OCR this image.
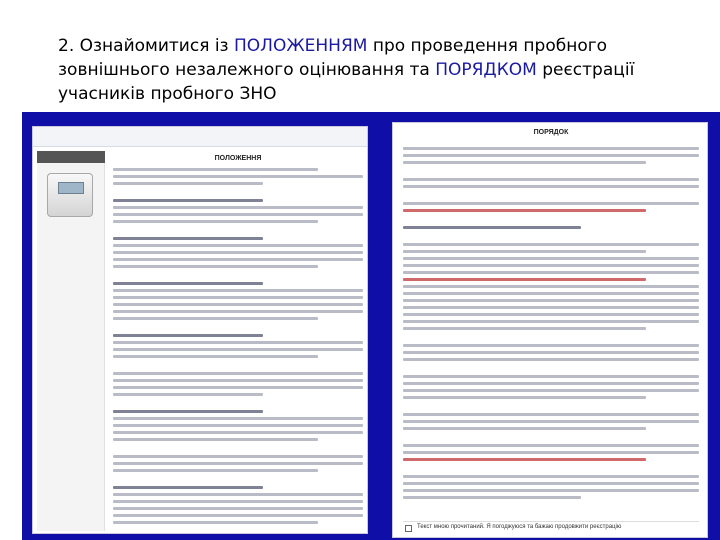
2. Ознайомитися із ПОЛОЖЕННЯМ про проведення пробного зовнішнього незалежного оцінювання та ПОРЯДКОМ реєстрації учасників пробного ЗНО
ПОЛОЖЕННЯ
ПОРЯДОК
Текст мною прочитаний. Я погоджуюся та бажаю продовжити реєстрацію
